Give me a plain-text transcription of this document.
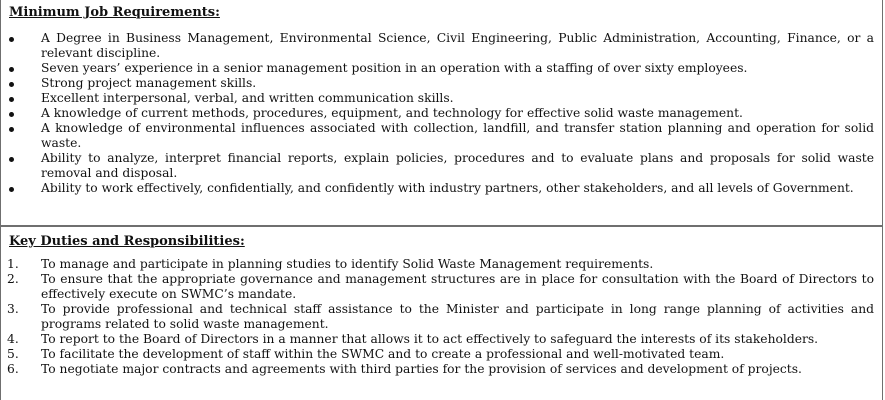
Minimum Job Requirements:
A Degree in Business Management, Environmental Science, Civil Engineering, Public Administration, Accounting, Finance, or a relevant discipline.
Seven years’ experience in a senior management position in an operation with a staffing of over sixty employees.
Strong project management skills.
Excellent interpersonal, verbal, and written communication skills.
A knowledge of current methods, procedures, equipment, and technology for effective solid waste management.
A knowledge of environmental influences associated with collection, landfill, and transfer station planning and operation for solid waste.
Ability to analyze, interpret financial reports, explain policies, procedures and to evaluate plans and proposals for solid waste removal and disposal.
Ability to work effectively, confidentially, and confidently with industry partners, other stakeholders, and all levels of Government.
Key Duties and Responsibilities:
1.	To manage and participate in planning studies to identify Solid Waste Management requirements.
2.	To ensure that the appropriate governance and management structures are in place for consultation with the Board of Directors to effectively execute on SWMC’s mandate.
3.	To provide professional and technical staff assistance to the Minister and participate in long range planning of activities and programs related to solid waste management.
4.	To report to the Board of Directors in a manner that allows it to act effectively to safeguard the interests of its stakeholders.
5.	To facilitate the development of staff within the SWMC and to create a professional and well-motivated team.
6.	To negotiate major contracts and agreements with third parties for the provision of services and development of projects.
